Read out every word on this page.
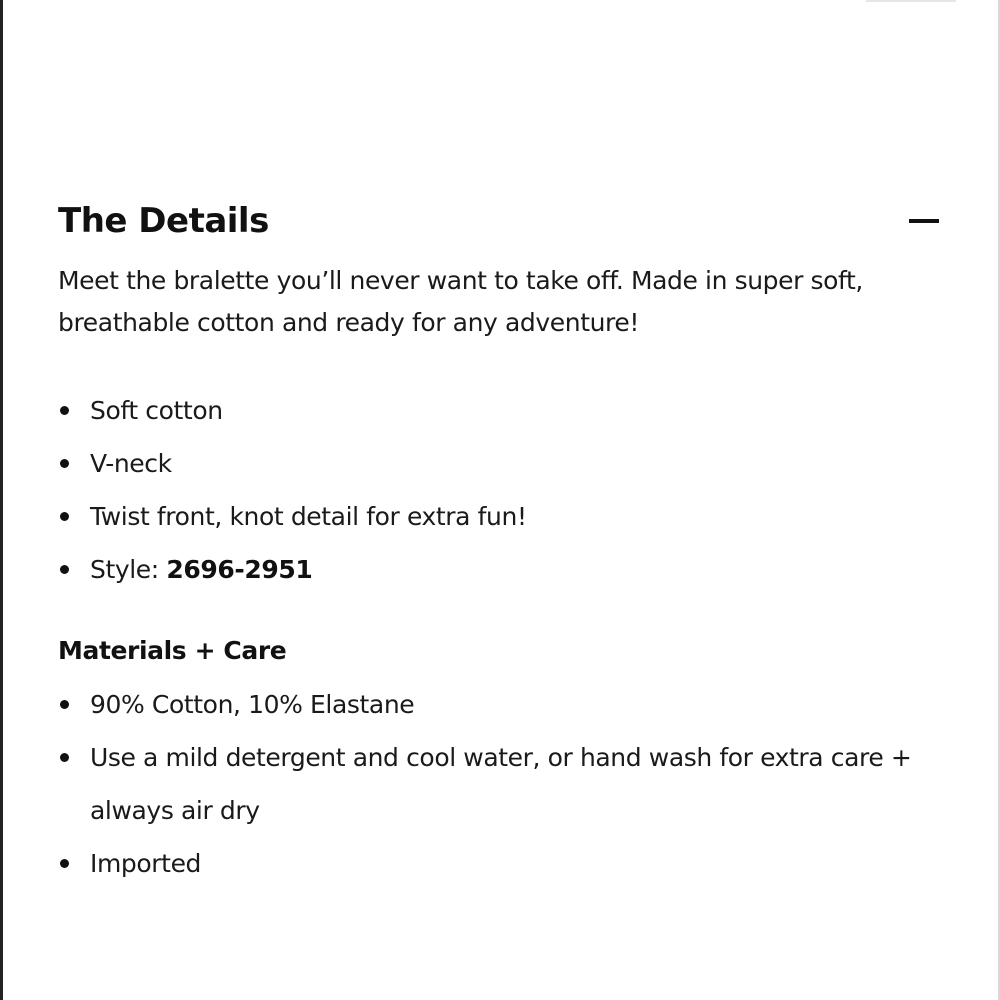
The Details

Meet the bralette you’ll never want to take off. Made in super soft, breathable cotton and ready for any adventure!

Soft cotton
V-neck
Twist front, knot detail for extra fun!
Style: 2696-2951
Materials + Care
90% Cotton, 10% Elastane
Use a mild detergent and cool water, or hand wash for extra care + always air dry
Imported
